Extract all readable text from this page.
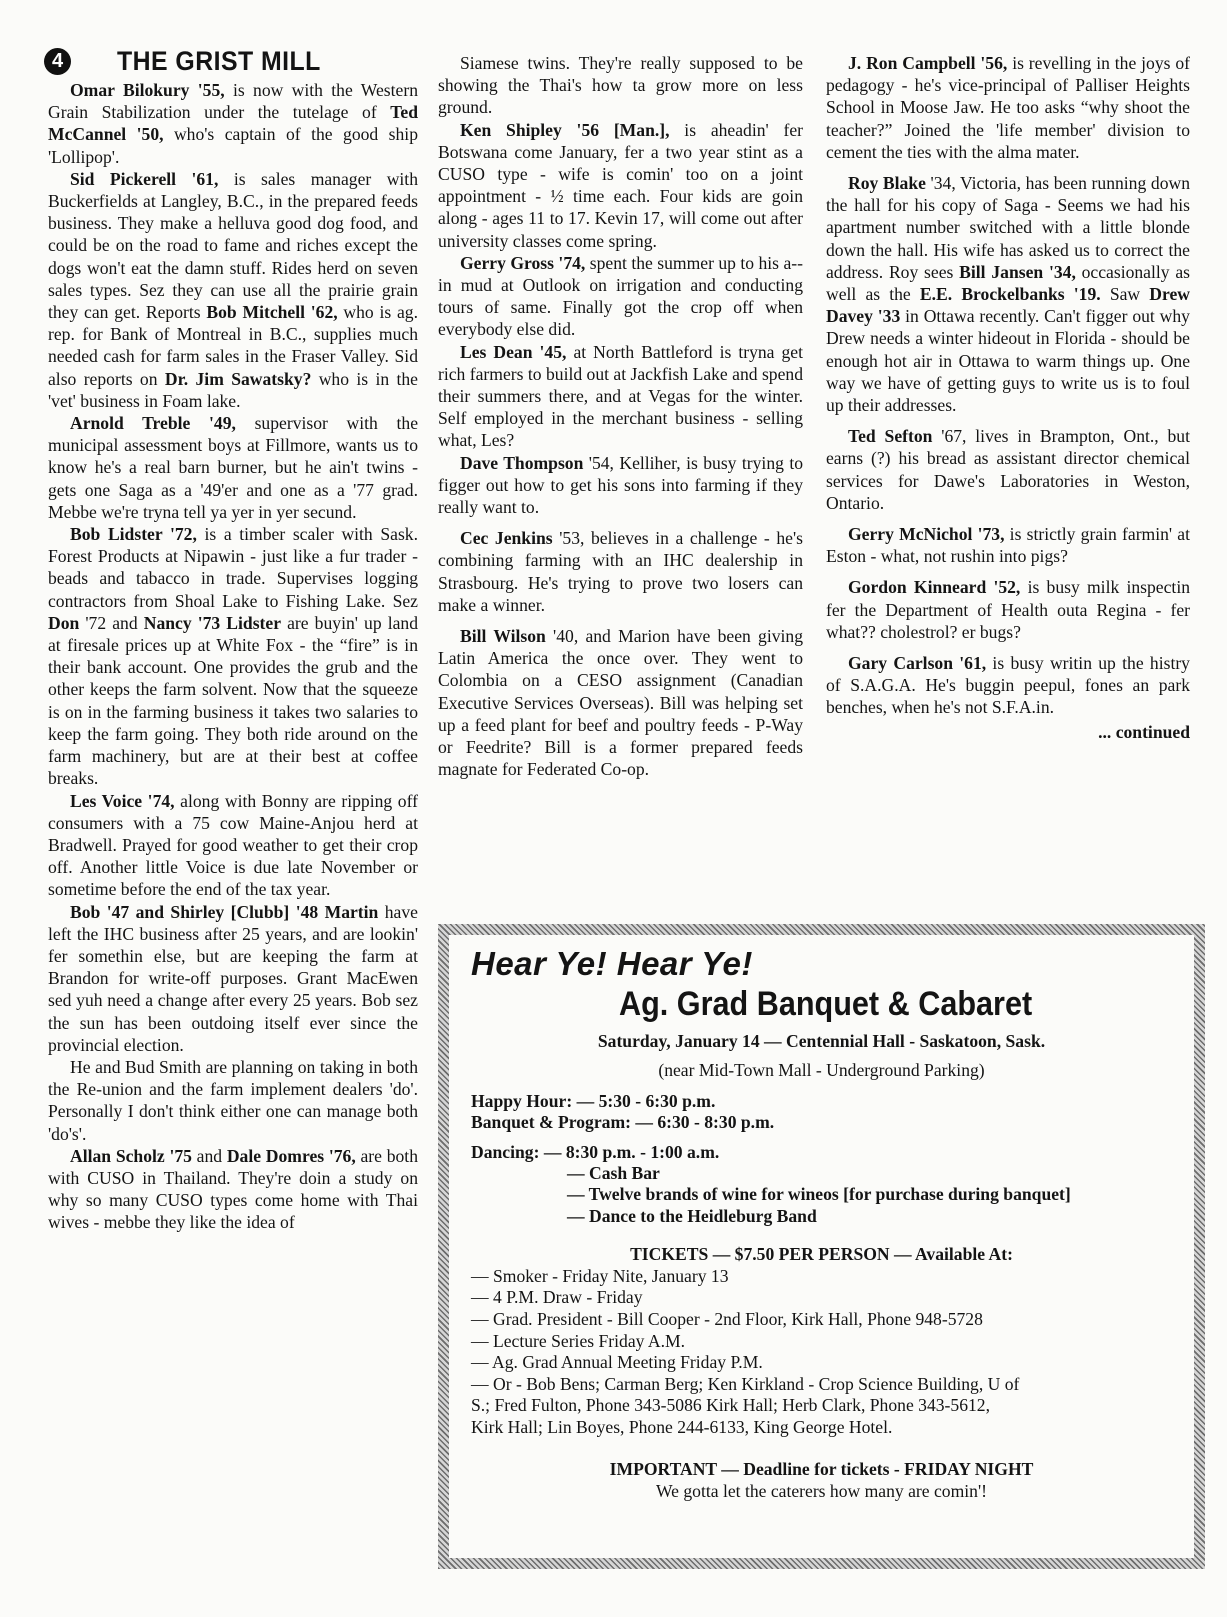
4 THE GRIST MILL

Omar Bilokury '55, is now with the Western Grain Stabilization under the tutelage of Ted McCannel '50, who's captain of the good ship 'Lollipop'.

Sid Pickerell '61, is sales manager with Buckerfields at Langley, B.C., in the prepared feeds business. They make a helluva good dog food, and could be on the road to fame and riches except the dogs won't eat the damn stuff. Rides herd on seven sales types. Sez they can use all the prairie grain they can get. Reports Bob Mitchell '62, who is ag. rep. for Bank of Montreal in B.C., supplies much needed cash for farm sales in the Fraser Valley. Sid also reports on Dr. Jim Sawatsky? who is in the 'vet' business in Foam lake.

Arnold Treble '49, supervisor with the municipal assessment boys at Fillmore, wants us to know he's a real barn burner, but he ain't twins - gets one Saga as a '49'er and one as a '77 grad. Mebbe we're tryna tell ya yer in yer secund.

Bob Lidster '72, is a timber scaler with Sask. Forest Products at Nipawin - just like a fur trader - beads and tabacco in trade. Supervises logging contractors from Shoal Lake to Fishing Lake. Sez Don '72 and Nancy '73 Lidster are buyin' up land at firesale prices up at White Fox - the “fire” is in their bank account. One provides the grub and the other keeps the farm solvent. Now that the squeeze is on in the farming business it takes two salaries to keep the farm going. They both ride around on the farm machinery, but are at their best at coffee breaks.

Les Voice '74, along with Bonny are ripping off consumers with a 75 cow Maine-Anjou herd at Bradwell. Prayed for good weather to get their crop off. Another little Voice is due late November or sometime before the end of the tax year.

Bob '47 and Shirley [Clubb] '48 Martin have left the IHC business after 25 years, and are lookin' fer somethin else, but are keeping the farm at Brandon for write-off purposes. Grant MacEwen sed yuh need a change after every 25 years. Bob sez the sun has been outdoing itself ever since the provincial election.

He and Bud Smith are planning on taking in both the Re-union and the farm implement dealers 'do'. Personally I don't think either one can manage both 'do's'.

Allan Scholz '75 and Dale Domres '76, are both with CUSO in Thailand. They're doin a study on why so many CUSO types come home with Thai wives - mebbe they like the idea of

Siamese twins. They're really supposed to be showing the Thai's how ta grow more on less ground.

Ken Shipley '56 [Man.], is aheadin' fer Botswana come January, fer a two year stint as a CUSO type - wife is comin' too on a joint appointment - ½ time each. Four kids are goin along - ages 11 to 17. Kevin 17, will come out after university classes come spring.

Gerry Gross '74, spent the summer up to his a-- in mud at Outlook on irrigation and conducting tours of same. Finally got the crop off when everybody else did.

Les Dean '45, at North Battleford is tryna get rich farmers to build out at Jackfish Lake and spend their summers there, and at Vegas for the winter. Self employed in the merchant business - selling what, Les?

Dave Thompson '54, Kelliher, is busy trying to figger out how to get his sons into farming if they really want to.

Cec Jenkins '53, believes in a challenge - he's combining farming with an IHC dealership in Strasbourg. He's trying to prove two losers can make a winner.

Bill Wilson '40, and Marion have been giving Latin America the once over. They went to Colombia on a CESO assignment (Canadian Executive Services Overseas). Bill was helping set up a feed plant for beef and poultry feeds - P-Way or Feedrite? Bill is a former prepared feeds magnate for Federated Co-op.

J. Ron Campbell '56, is revelling in the joys of pedagogy - he's vice-principal of Palliser Heights School in Moose Jaw. He too asks “why shoot the teacher?” Joined the 'life member' division to cement the ties with the alma mater.

Roy Blake '34, Victoria, has been running down the hall for his copy of Saga - Seems we had his apartment number switched with a little blonde down the hall. His wife has asked us to correct the address. Roy sees Bill Jansen '34, occasionally as well as the E.E. Brockelbanks '19. Saw Drew Davey '33 in Ottawa recently. Can't figger out why Drew needs a winter hideout in Florida - should be enough hot air in Ottawa to warm things up. One way we have of getting guys to write us is to foul up their addresses.

Ted Sefton '67, lives in Brampton, Ont., but earns (?) his bread as assistant director chemical services for Dawe's Laboratories in Weston, Ontario.

Gerry McNichol '73, is strictly grain farmin' at Eston - what, not rushin into pigs?

Gordon Kinneard '52, is busy milk inspectin fer the Department of Health outa Regina - fer what?? cholestrol? er bugs?

Gary Carlson '61, is busy writin up the histry of S.A.G.A. He's buggin peepul, fones an park benches, when he's not S.F.A.in.

... continued
Hear Ye! Hear Ye!
Ag. Grad Banquet & Cabaret
Saturday, January 14 — Centennial Hall - Saskatoon, Sask.
(near Mid-Town Mall - Underground Parking)
Happy Hour: — 5:30 - 6:30 p.m.
Banquet & Program: — 6:30 - 8:30 p.m.
Dancing: — 8:30 p.m. - 1:00 a.m.
— Cash Bar
— Twelve brands of wine for wineos [for purchase during banquet]
— Dance to the Heidleburg Band
TICKETS — $7.50 PER PERSON — Available At:
— Smoker - Friday Nite, January 13
— 4 P.M. Draw - Friday
— Grad. President - Bill Cooper - 2nd Floor, Kirk Hall, Phone 948-5728
— Lecture Series Friday A.M.
— Ag. Grad Annual Meeting Friday P.M.
— Or - Bob Bens; Carman Berg; Ken Kirkland - Crop Science Building, U of
S.; Fred Fulton, Phone 343-5086 Kirk Hall; Herb Clark, Phone 343-5612,
Kirk Hall; Lin Boyes, Phone 244-6133, King George Hotel.
IMPORTANT — Deadline for tickets - FRIDAY NIGHT
We gotta let the caterers how many are comin'!
